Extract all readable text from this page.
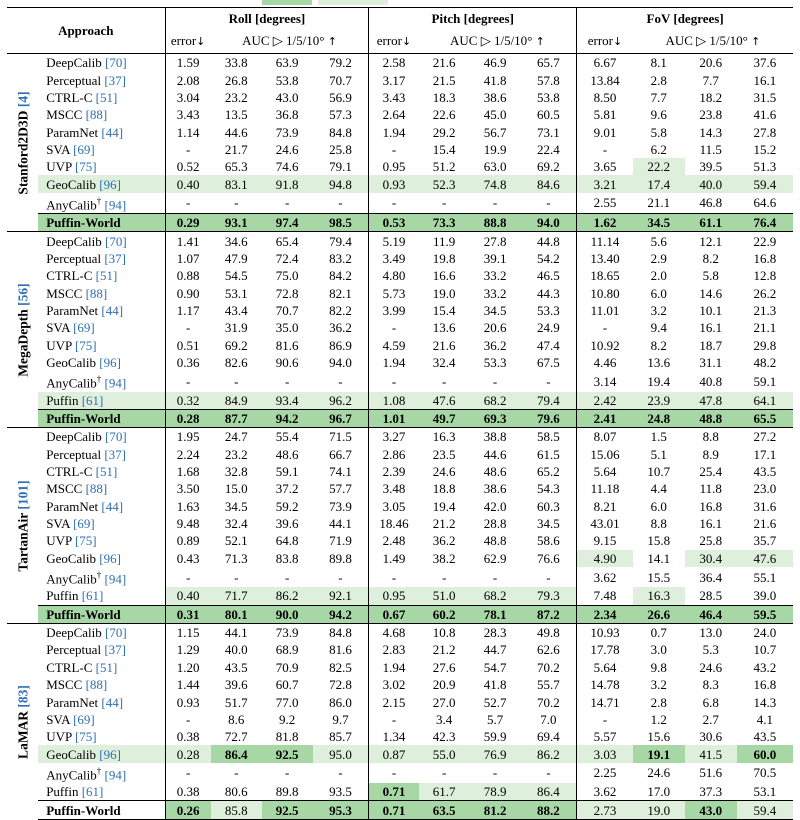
Approach		Roll [degrees]				Pitch [degrees]				FoV [degrees]			
		error↓	AUC ▷ 1/5/10° ↑			error↓	AUC ▷ 1/5/10° ↑			error↓	AUC ▷ 1/5/10° ↑		

Stanford2D3D [4]	DeepCalib [70]	1.59	33.8	63.9	79.2	2.58	21.6	46.9	65.7	6.67	8.1	20.6	37.6
	Perceptual [37]	2.08	26.8	53.8	70.7	3.17	21.5	41.8	57.8	13.84	2.8	7.7	16.1
	CTRL-C [51]	3.04	23.2	43.0	56.9	3.43	18.3	38.6	53.8	8.50	7.7	18.2	31.5
	MSCC [88]	3.43	13.5	36.8	57.3	2.64	22.6	45.0	60.5	5.81	9.6	23.8	41.6
	ParamNet [44]	1.14	44.6	73.9	84.8	1.94	29.2	56.7	73.1	9.01	5.8	14.3	27.8
	SVA [69]	-	21.7	24.6	25.8	-	15.4	19.9	22.4	-	6.2	11.5	15.2
	UVP [75]	0.52	65.3	74.6	79.1	0.95	51.2	63.0	69.2	3.65	22.2	39.5	51.3
	GeoCalib [96]	0.40	83.1	91.8	94.8	0.93	52.3	74.8	84.6	3.21	17.4	40.0	59.4
	AnyCalib† [94]	-	-	-	-	-	-	-	-	2.55	21.1	46.8	64.6
	Puffin-World	0.29	93.1	97.4	98.5	0.53	73.3	88.8	94.0	1.62	34.5	61.1	76.4

MegaDepth [56]	DeepCalib [70]	1.41	34.6	65.4	79.4	5.19	11.9	27.8	44.8	11.14	5.6	12.1	22.9
	Perceptual [37]	1.07	47.9	72.4	83.2	3.49	19.8	39.1	54.2	13.40	2.9	8.2	16.8
	CTRL-C [51]	0.88	54.5	75.0	84.2	4.80	16.6	33.2	46.5	18.65	2.0	5.8	12.8
	MSCC [88]	0.90	53.1	72.8	82.1	5.73	19.0	33.2	44.3	10.80	6.0	14.6	26.2
	ParamNet [44]	1.17	43.4	70.7	82.2	3.99	15.4	34.5	53.3	11.01	3.2	10.1	21.3
	SVA [69]	-	31.9	35.0	36.2	-	13.6	20.6	24.9	-	9.4	16.1	21.1
	UVP [75]	0.51	69.2	81.6	86.9	4.59	21.6	36.2	47.4	10.92	8.2	18.7	29.8
	GeoCalib [96]	0.36	82.6	90.6	94.0	1.94	32.4	53.3	67.5	4.46	13.6	31.1	48.2
	AnyCalib† [94]	-	-	-	-	-	-	-	-	3.14	19.4	40.8	59.1
	Puffin [61]	0.32	84.9	93.4	96.2	1.08	47.6	68.2	79.4	2.42	23.9	47.8	64.1
	Puffin-World	0.28	87.7	94.2	96.7	1.01	49.7	69.3	79.6	2.41	24.8	48.8	65.5

TartanAir [101]	DeepCalib [70]	1.95	24.7	55.4	71.5	3.27	16.3	38.8	58.5	8.07	1.5	8.8	27.2
	Perceptual [37]	2.24	23.2	48.6	66.7	2.86	23.5	44.6	61.5	15.06	5.1	8.9	17.1
	CTRL-C [51]	1.68	32.8	59.1	74.1	2.39	24.6	48.6	65.2	5.64	10.7	25.4	43.5
	MSCC [88]	3.50	15.0	37.2	57.7	3.48	18.8	38.6	54.3	11.18	4.4	11.8	23.0
	ParamNet [44]	1.63	34.5	59.2	73.9	3.05	19.4	42.0	60.3	8.21	6.0	16.8	31.6
	SVA [69]	9.48	32.4	39.6	44.1	18.46	21.2	28.8	34.5	43.01	8.8	16.1	21.6
	UVP [75]	0.89	52.1	64.8	71.9	2.48	36.2	48.8	58.6	9.15	15.8	25.8	35.7
	GeoCalib [96]	0.43	71.3	83.8	89.8	1.49	38.2	62.9	76.6	4.90	14.1	30.4	47.6
	AnyCalib† [94]	-	-	-	-	-	-	-	-	3.62	15.5	36.4	55.1
	Puffin [61]	0.40	71.7	86.2	92.1	0.95	51.0	68.2	79.3	7.48	16.3	28.5	39.0
	Puffin-World	0.31	80.1	90.0	94.2	0.67	60.2	78.1	87.2	2.34	26.6	46.4	59.5

LaMAR [83]	DeepCalib [70]	1.15	44.1	73.9	84.8	4.68	10.8	28.3	49.8	10.93	0.7	13.0	24.0
	Perceptual [37]	1.29	40.0	68.9	81.6	2.83	21.2	44.7	62.6	17.78	3.0	5.3	10.7
	CTRL-C [51]	1.20	43.5	70.9	82.5	1.94	27.6	54.7	70.2	5.64	9.8	24.6	43.2
	MSCC [88]	1.44	39.6	60.7	72.8	3.02	20.9	41.8	55.7	14.78	3.2	8.3	16.8
	ParamNet [44]	0.93	51.7	77.0	86.0	2.15	27.0	52.7	70.2	14.71	2.8	6.8	14.3
	SVA [69]	-	8.6	9.2	9.7	-	3.4	5.7	7.0	-	1.2	2.7	4.1
	UVP [75]	0.38	72.7	81.8	85.7	1.34	42.3	59.9	69.4	5.57	15.6	30.6	43.5
	GeoCalib [96]	0.28	86.4	92.5	95.0	0.87	55.0	76.9	86.2	3.03	19.1	41.5	60.0
	AnyCalib† [94]	-	-	-	-	-	-	-	-	2.25	24.6	51.6	70.5
	Puffin [61]	0.38	80.6	89.8	93.5	0.71	61.7	78.9	86.4	3.62	17.0	37.3	53.1
	Puffin-World	0.26	85.8	92.5	95.3	0.71	63.5	81.2	88.2	2.73	19.0	43.0	59.4
